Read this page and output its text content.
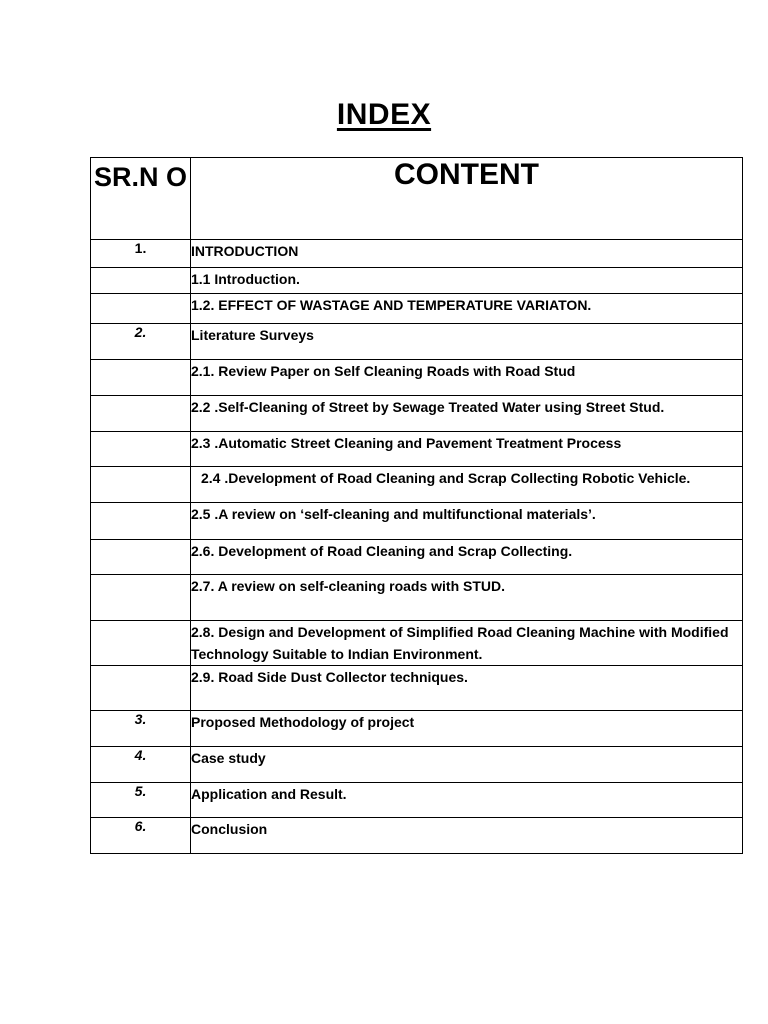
INDEX
SR.N O	CONTENT
1.	INTRODUCTION
	1.1 Introduction.
	1.2. EFFECT OF WASTAGE AND TEMPERATURE VARIATON.
2.	Literature Surveys
	2.1. Review Paper on Self Cleaning Roads with Road Stud
	2.2 .Self-Cleaning of Street by Sewage Treated Water using Street Stud.
	2.3 .Automatic Street Cleaning and Pavement Treatment Process
	2.4 .Development of Road Cleaning and Scrap Collecting Robotic Vehicle.
	2.5 .A review on ‘self-cleaning and multifunctional materials’.
	2.6. Development of Road Cleaning and Scrap Collecting.
	2.7. A review on self-cleaning roads with STUD.
	2.8. Design and Development of Simplified Road Cleaning Machine with Modified Technology Suitable to Indian Environment.
	2.9. Road Side Dust Collector techniques.
3.	Proposed Methodology of project
4.	Case study
5.	Application and Result.
6.	Conclusion
